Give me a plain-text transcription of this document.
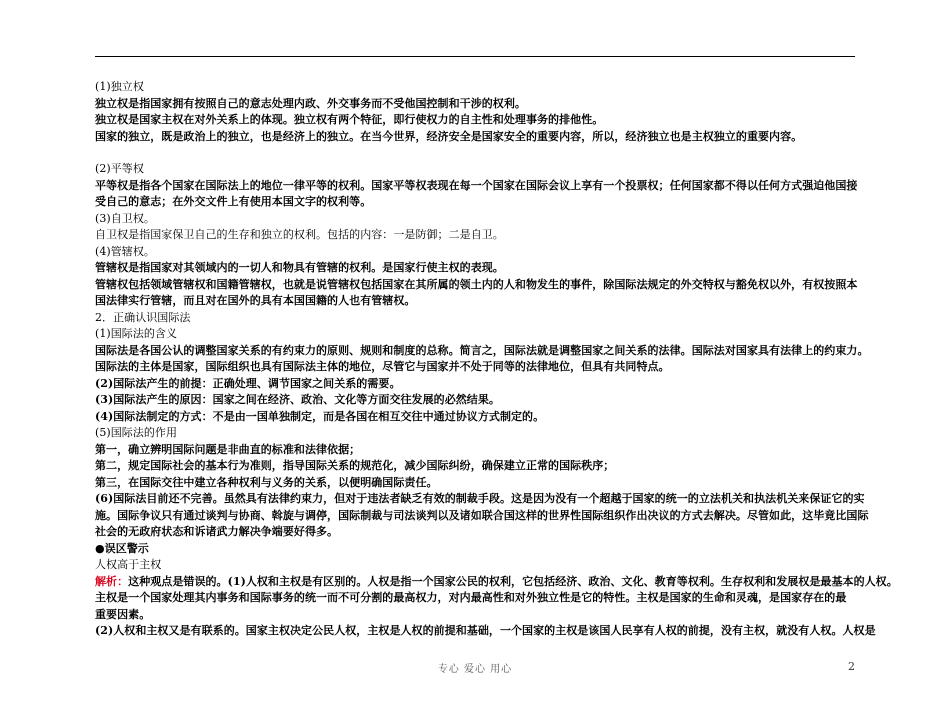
(1)独立权

独立权是指国家拥有按照自己的意志处理内政、外交事务而不受他国控制和干涉的权利。

独立权是国家主权在对外关系上的体现。独立权有两个特征，即行使权力的自主性和处理事务的排他性。

国家的独立，既是政治上的独立，也是经济上的独立。在当今世界，经济安全是国家安全的重要内容，所以，经济独立也是主权独立的重要内容。

(2)平等权

平等权是指各个国家在国际法上的地位一律平等的权利。国家平等权表现在每一个国家在国际会议上享有一个投票权；任何国家都不得以任何方式强迫他国接

受自己的意志；在外交文件上有使用本国文字的权利等。

(3)自卫权。

自卫权是指国家保卫自己的生存和独立的权利。包括的内容：一是防御；二是自卫。

(4)管辖权。

管辖权是指国家对其领域内的一切人和物具有管辖的权利。是国家行使主权的表现。

管辖权包括领域管辖权和国籍管辖权，也就是说管辖权包括国家在其所属的领土内的人和物发生的事件，除国际法规定的外交特权与豁免权以外，有权按照本

国法律实行管辖，而且对在国外的具有本国国籍的人也有管辖权。

2．正确认识国际法

(1)国际法的含义

国际法是各国公认的调整国家关系的有约束力的原则、规则和制度的总称。简言之，国际法就是调整国家之间关系的法律。国际法对国家具有法律上的约束力。

国际法的主体是国家，国际组织也具有国际法主体的地位，尽管它与国家并不处于同等的法律地位，但具有共同特点。

(2)国际法产生的前提：正确处理、调节国家之间关系的需要。

(3)国际法产生的原因：国家之间在经济、政治、文化等方面交往发展的必然结果。

(4)国际法制定的方式：不是由一国单独制定，而是各国在相互交往中通过协议方式制定的。

(5)国际法的作用

第一，确立辨明国际问题是非曲直的标准和法律依据；

第二，规定国际社会的基本行为准则，指导国际关系的规范化，减少国际纠纷，确保建立正常的国际秩序；

第三，在国际交往中建立各种权利与义务的关系，以便明确国际责任。

(6)国际法目前还不完善。虽然具有法律约束力，但对于违法者缺乏有效的制裁手段。这是因为没有一个超越于国家的统一的立法机关和执法机关来保证它的实

施。国际争议只有通过谈判与协商、斡旋与调停，国际制裁与司法谈判以及诸如联合国这样的世界性国际组织作出决议的方式去解决。尽管如此，这毕竟比国际

社会的无政府状态和诉诸武力解决争端要好得多。

●误区警示

人权高于主权

解析：这种观点是错误的。(1)人权和主权是有区别的。人权是指一个国家公民的权利，它包括经济、政治、文化、教育等权利。生存权利和发展权是最基本的人权。

主权是一个国家处理其内事务和国际事务的统一而不可分割的最高权力，对内最高性和对外独立性是它的特性。主权是国家的生命和灵魂，是国家存在的最

重要因素。

(2)人权和主权又是有联系的。国家主权决定公民人权，主权是人权的前提和基础，一个国家的主权是该国人民享有人权的前提，没有主权，就没有人权。人权是

专心 爱心 用心	2
